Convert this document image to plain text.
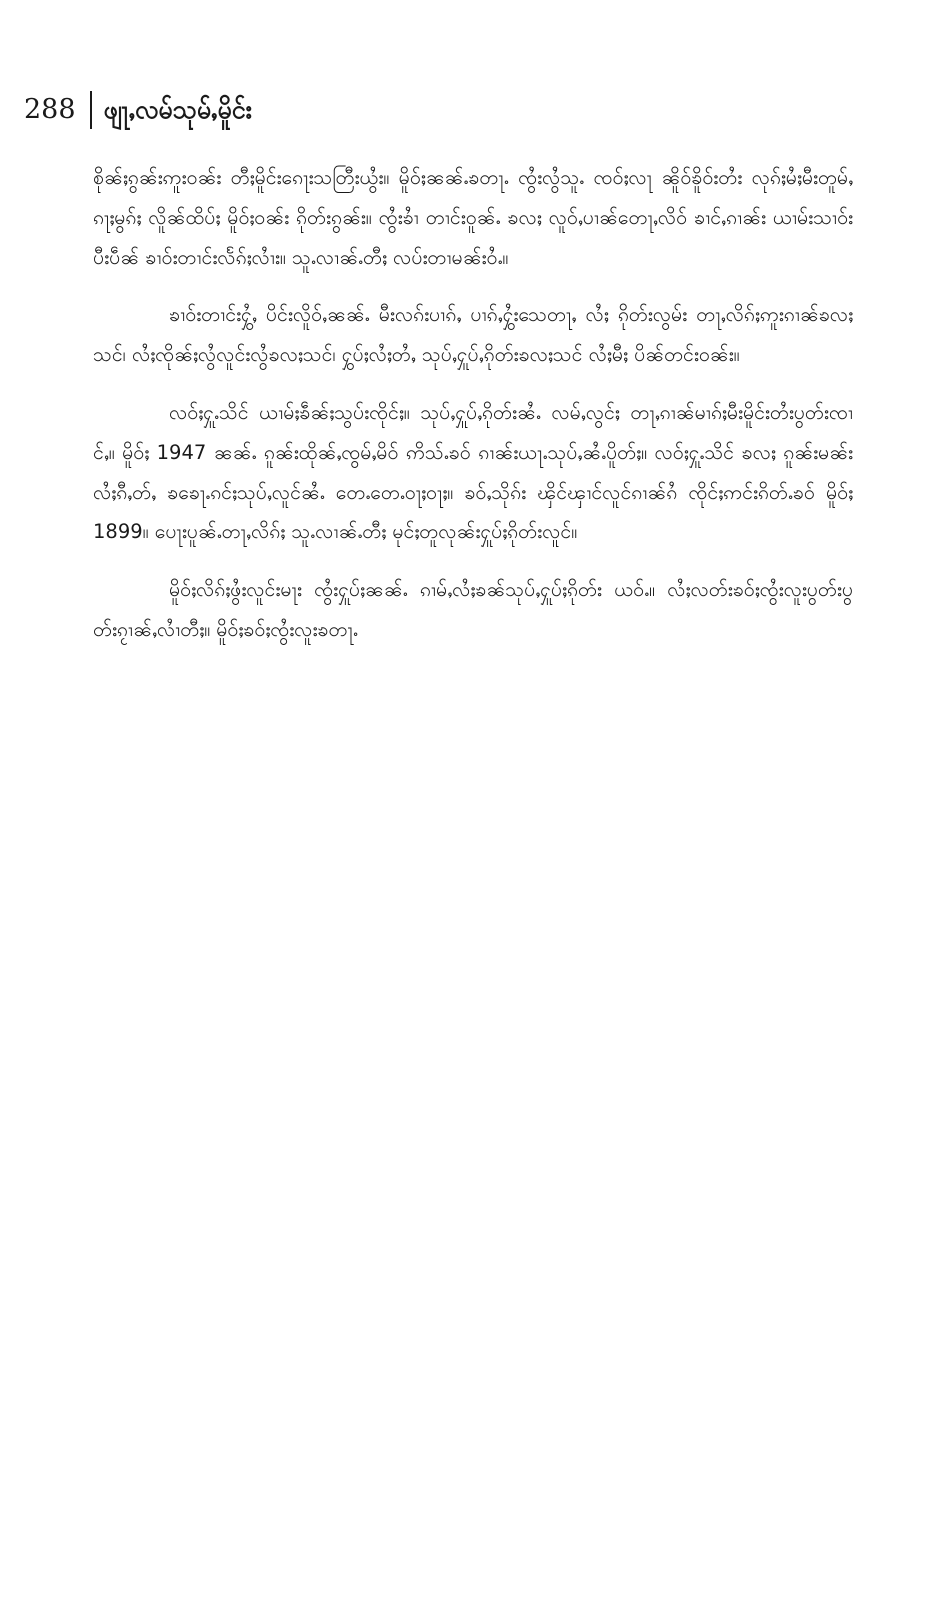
288 ဖျႃႇလမ်သုမ်ႇမိူင်း

စိုၼ်ႈၵွၼ်းဢူးဝၼ်း တီႈမိူင်းၵေႃးသတြီးယွႆး။ မိူဝ်ႈၼၼ်ႉၶတႃႉ ၸွႆးလွႆသူႉ ၸဝ်ႈလႃ ၼိူဝ်ၶိူဝ်းတႆး လုၵ်ႈမႆႈမီးတူမ်ႇ ၵႃႈမွၵ်ႈ လိူၼ်ထိပ်ႈ မိူဝ်ႈဝၼ်း ၵိုတ်းၵွၼ်း။ ၸွႆးၶၢႆ တၢင်းဝူၼ်ႉ ၶလႈ လူဝ်ႇပၢၼ်တေႃႇလိဝ် ၶၢင်ႇၵၢၼ်း ယၢမ်းသၢဝ်းပီးပဵၼ် ၶၢဝ်းတၢင်းလႅၵ်ႈလၢႆး။ သူႉလၢၼ်ႉတီႈ လပ်းတၢမၼ်းဝႆႉ။

ၶၢဝ်းတၢင်းႁွႆႇ ပိင်းလိူဝ်ႇၼၼ်ႉ မီးလၵ်းပၢၵ်ႇ ပၢၵ်ႇႁွႆးသေတႃႇ လႆႈ ၵိုတ်းလွမ်း တႃႇလိၵ်ႈဢူးၵၢၼ်ၶလႈသင်၊ လႆႈၸိုၼ်ႈလွႆလူင်းလွႆၶလႈသင်၊ ႁွပ်ႈလႆႈတႆႇ သုပ်ႇႁူပ်ႇၵိုတ်းၶလႈသင် လႆႈမီႈ ပိၼ်တင်းဝၼ်း။

လဝ်ႈႁူႉသိင် ယၢမ်ႈၶဵၼ်ႈသွပ်းၸိုင်ႈ။ သုပ်ႇႁူပ်ႇၵိုတ်းၼႆႉ လမ်ႇလွင်ႈ တႃႇၵၢၼ်မၢၵ်ႈမီးမိူင်းတႆးပွတ်းၸၢင်ႇ။ မိူဝ်ႈ 1947 ၼၼ်ႉ ၵူၼ်းထိုၼ်ႇၸွမ်ႇမိဝ် ဢိသ်ႉၶဝ် ၵၢၼ်းယႃႉသုပ်ႇၼႆႉပိူတ်ႈ။ လဝ်ႈႁူႉသိင် ၶလႈ ၵူၼ်းမၼ်း လႆႈၵီႇတ်ႇ ၶၶေႃႉၵင်ႈသုပ်ႇလူင်ၼႆႉ တေႉတေႉဝႃႈဝႃႈ။ ၶဝ်ႇသိုၵ်း ၾိင်ၾၢင်လူင်ၵၢၼ်ၵႆ ၸိုင်ႈဢင်းၵိတ်ႉၶဝ် မိူဝ်ႈ 1899။ ပေႃးပူၼ်ႉတႃႇလိၵ်ႈ သူႉလၢၼ်ႉတီႈ မုင်ႈတူလုၼ်းႁူပ်ႈၵိုတ်းလူင်။

မိူဝ်ႈလိၵ်ႈဖွႆးလူင်းမႃး ၸွႆးႁူပ်ႈၼၼ်ႉ ၵၢမ်ႇလႆႈၶၼ်သုပ်ႇႁူပ်ႈၵိုတ်း ယဝ်ႉ။ လႆႈလတ်းၶဝ်ႈၸွႆးလူးပွတ်းပွတ်းၵႂၢၼ်ႇလၢႆတီႈ။ မိူဝ်ႈၶဝ်ႈၸွႆးလူးၶတႃႉ
